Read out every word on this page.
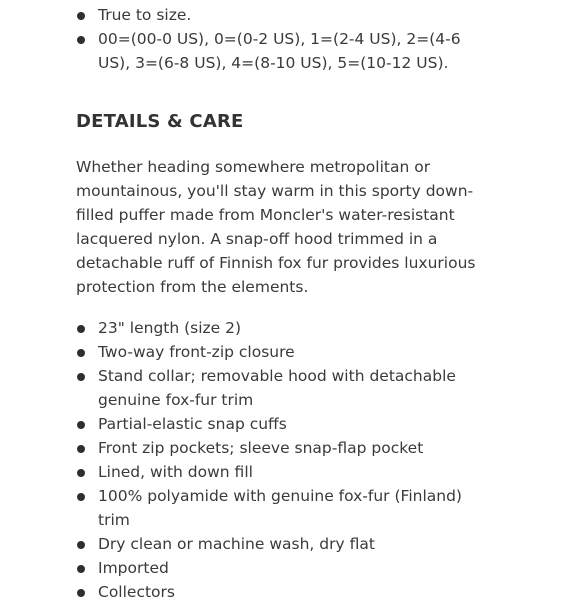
True to size.
00=(00-0 US), 0=(0-2 US), 1=(2-4 US), 2=(4-6 US), 3=(6-8 US), 4=(8-10 US), 5=(10-12 US).
DETAILS & CARE

Whether heading somewhere metropolitan or mountainous, you'll stay warm in this sporty down-filled puffer made from Moncler's water-resistant lacquered nylon. A snap-off hood trimmed in a detachable ruff of Finnish fox fur provides luxurious protection from the elements.

23" length (size 2)
Two-way front-zip closure
Stand collar; removable hood with detachable genuine fox-fur trim
Partial-elastic snap cuffs
Front zip pockets; sleeve snap-flap pocket
Lined, with down fill
100% polyamide with genuine fox-fur (Finland) trim
Dry clean or machine wash, dry flat
Imported
Collectors
